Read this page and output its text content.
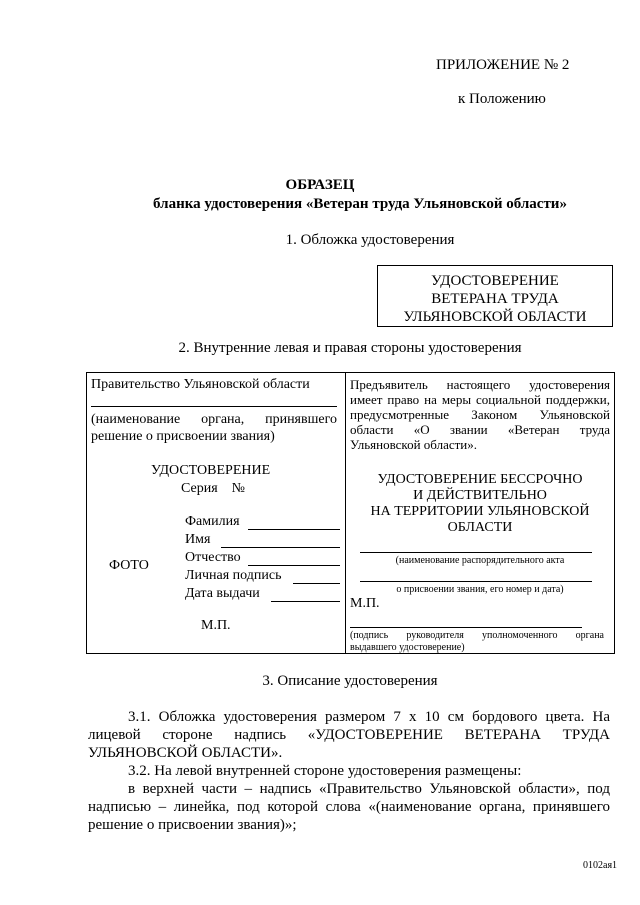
ПРИЛОЖЕНИЕ № 2
к Положению
ОБРАЗЕЦ
бланка удостоверения «Ветеран труда Ульяновской области»
1. Обложка удостоверения
УДОСТОВЕРЕНИЕ
ВЕТЕРАНА ТРУДА
УЛЬЯНОВСКОЙ ОБЛАСТИ
2. Внутренние левая и правая стороны удостоверения
Правительство Ульяновской области
(наименование органа, принявшего решение о присвоении звания)
УДОСТОВЕРЕНИЕ
Серия    №
ФОТО
Фамилия
Имя
Отчество
Личная подпись
Дата выдачи
М.П.
Предъявитель настоящего удостоверения имеет право на меры социальной поддержки, предусмотренные Законом Ульяновской области «О звании «Ветеран труда Ульяновской области».
УДОСТОВЕРЕНИЕ БЕССРОЧНО
И ДЕЙСТВИТЕЛЬНО
НА ТЕРРИТОРИИ УЛЬЯНОВСКОЙ
ОБЛАСТИ
(наименование распорядительного акта
о присвоении звания, его номер и дата)
М.П.
(подпись руководителя уполномоченного органа выдавшего удостоверение)
3. Описание удостоверения
3.1. Обложка удостоверения размером 7 х 10 см бордового цвета. На лицевой стороне надпись «УДОСТОВЕРЕНИЕ ВЕТЕРАНА ТРУДА УЛЬЯНОВСКОЙ ОБЛАСТИ».
3.2. На левой внутренней стороне удостоверения размещены:
в верхней части – надпись «Правительство Ульяновской области», под надписью – линейка, под которой слова «(наименование органа, принявшего решение о присвоении звания)»;
0102ая1
